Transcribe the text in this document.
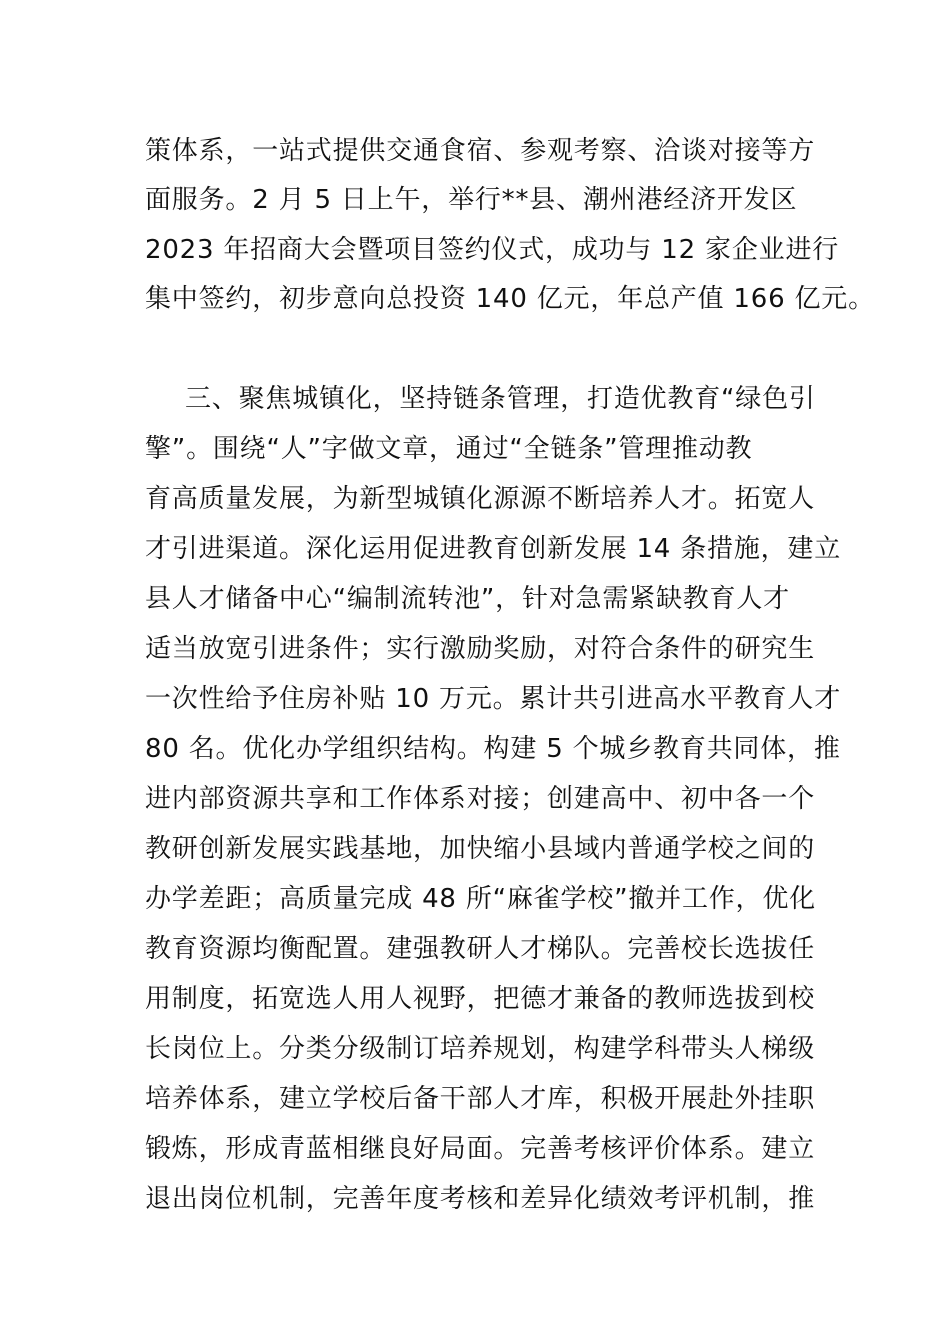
策体系，一站式提供交通食宿、参观考察、洽谈对接等方
面服务。2 月 5 日上午，举行**县、潮州港经济开发区
2023 年招商大会暨项目签约仪式，成功与 12 家企业进行
集中签约，初步意向总投资 140 亿元，年总产值 166 亿元。
三、聚焦城镇化，坚持链条管理，打造优教育“绿色引
擎”。围绕“人”字做文章，通过“全链条”管理推动教
育高质量发展，为新型城镇化源源不断培养人才。拓宽人
才引进渠道。深化运用促进教育创新发展 14 条措施，建立
县人才储备中心“编制流转池”，针对急需紧缺教育人才
适当放宽引进条件；实行激励奖励，对符合条件的研究生
一次性给予住房补贴 10 万元。累计共引进高水平教育人才
80 名。优化办学组织结构。构建 5 个城乡教育共同体，推
进内部资源共享和工作体系对接；创建高中、初中各一个
教研创新发展实践基地，加快缩小县域内普通学校之间的
办学差距；高质量完成 48 所“麻雀学校”撤并工作，优化
教育资源均衡配置。建强教研人才梯队。完善校长选拔任
用制度，拓宽选人用人视野，把德才兼备的教师选拔到校
长岗位上。分类分级制订培养规划，构建学科带头人梯级
培养体系，建立学校后备干部人才库，积极开展赴外挂职
锻炼，形成青蓝相继良好局面。完善考核评价体系。建立
退出岗位机制，完善年度考核和差异化绩效考评机制，推
